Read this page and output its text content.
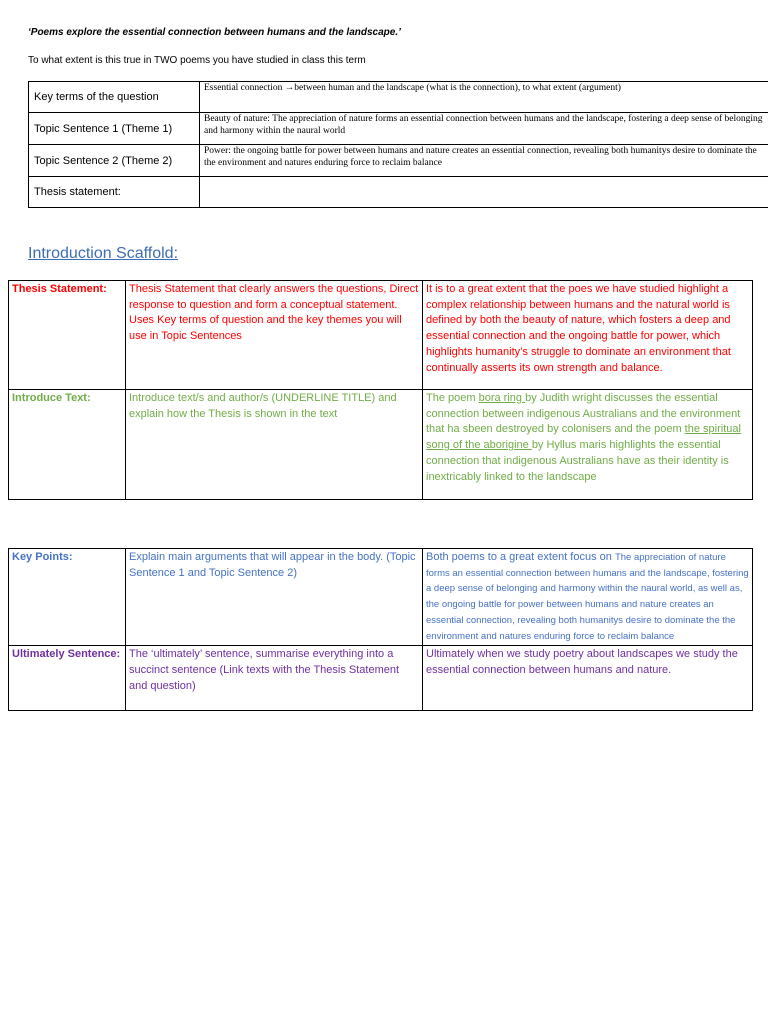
‘Poems explore the essential connection between humans and the landscape.’
To what extent is this true in TWO poems you have studied in class this term
Key terms of the question	Essential connection →between human and the landscape (what is the connection), to what extent (argument)
Topic Sentence 1 (Theme 1)	Beauty of nature: The appreciation of nature forms an essential connection between humans and the landscape, fostering a deep sense of belonging and harmony within the naural world
Topic Sentence 2 (Theme 2)	Power: the ongoing battle for power between humans and nature creates an essential connection, revealing both humanitys desire to dominate the the environment and natures enduring force to reclaim balance
Thesis statement:	
Introduction Scaffold:
Thesis Statement:	Thesis Statement that clearly answers the questions, Direct response to question and form a conceptual statement. Uses Key terms of question and the key themes you will use in Topic Sentences	It is to a great extent that the poes we have studied highlight a complex relationship between humans and the natural world is defined by both the beauty of nature, which fosters a deep and essential connection and the ongoing battle for power, which highlights humanity’s struggle to dominate an environment that continually asserts its own strength and balance.
Introduce Text:	Introduce text/s and author/s (UNDERLINE TITLE) and explain how the Thesis is shown in the text	The poem bora ring by Judith wright discusses the essential connection between indigenous Australians and the environment that ha sbeen destroyed by colonisers and the poem the spiritual song of the aborigine by Hyllus maris highlights the essential connection that indigenous Australians have as their identity is inextricably linked to the landscape
Key Points:	Explain main arguments that will appear in the body. (Topic Sentence 1 and Topic Sentence 2)	Both poems to a great extent focus on The appreciation of nature forms an essential connection between humans and the landscape, fostering a deep sense of belonging and harmony within the naural world, as well as, the ongoing battle for power between humans and nature creates an essential connection, revealing both humanitys desire to dominate the the environment and natures enduring force to reclaim balance
Ultimately Sentence:	The ‘ultimately’ sentence, summarise everything into a succinct sentence (Link texts with the Thesis Statement and question)	Ultimately when we study poetry about landscapes we study the essential connection between humans and nature.
